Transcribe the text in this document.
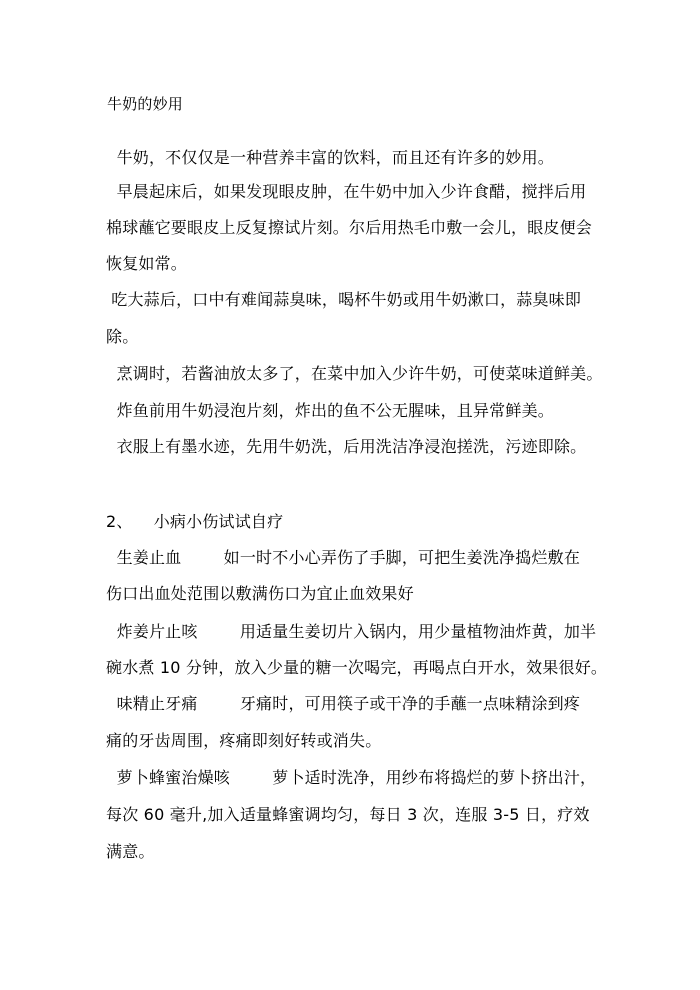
牛奶的妙用
牛奶，不仅仅是一种营养丰富的饮料，而且还有许多的妙用。
早晨起床后，如果发现眼皮肿，在牛奶中加入少许食醋，搅拌后用
棉球蘸它要眼皮上反复擦试片刻。尔后用热毛巾敷一会儿，眼皮便会
恢复如常。
吃大蒜后，口中有难闻蒜臭味，喝杯牛奶或用牛奶漱口，蒜臭味即
除。
烹调时，若酱油放太多了，在菜中加入少许牛奶，可使菜味道鲜美。
炸鱼前用牛奶浸泡片刻，炸出的鱼不公无腥味，且异常鲜美。
衣服上有墨水迹，先用牛奶洗，后用洗洁净浸泡搓洗，污迹即除。
2、    小病小伤试试自疗
生姜止血        如一时不小心弄伤了手脚，可把生姜洗净捣烂敷在
伤口出血处范围以敷满伤口为宜止血效果好
炸姜片止咳        用适量生姜切片入锅内，用少量植物油炸黄，加半
碗水煮 10 分钟，放入少量的糖一次喝完，再喝点白开水，效果很好。
味精止牙痛        牙痛时，可用筷子或干净的手蘸一点味精涂到疼
痛的牙齿周围，疼痛即刻好转或消失。
萝卜蜂蜜治燥咳        萝卜适时洗净，用纱布将捣烂的萝卜挤出汁，
每次 60 毫升,加入适量蜂蜜调均匀，每日 3 次，连服 3-5 日，疗效
满意。
